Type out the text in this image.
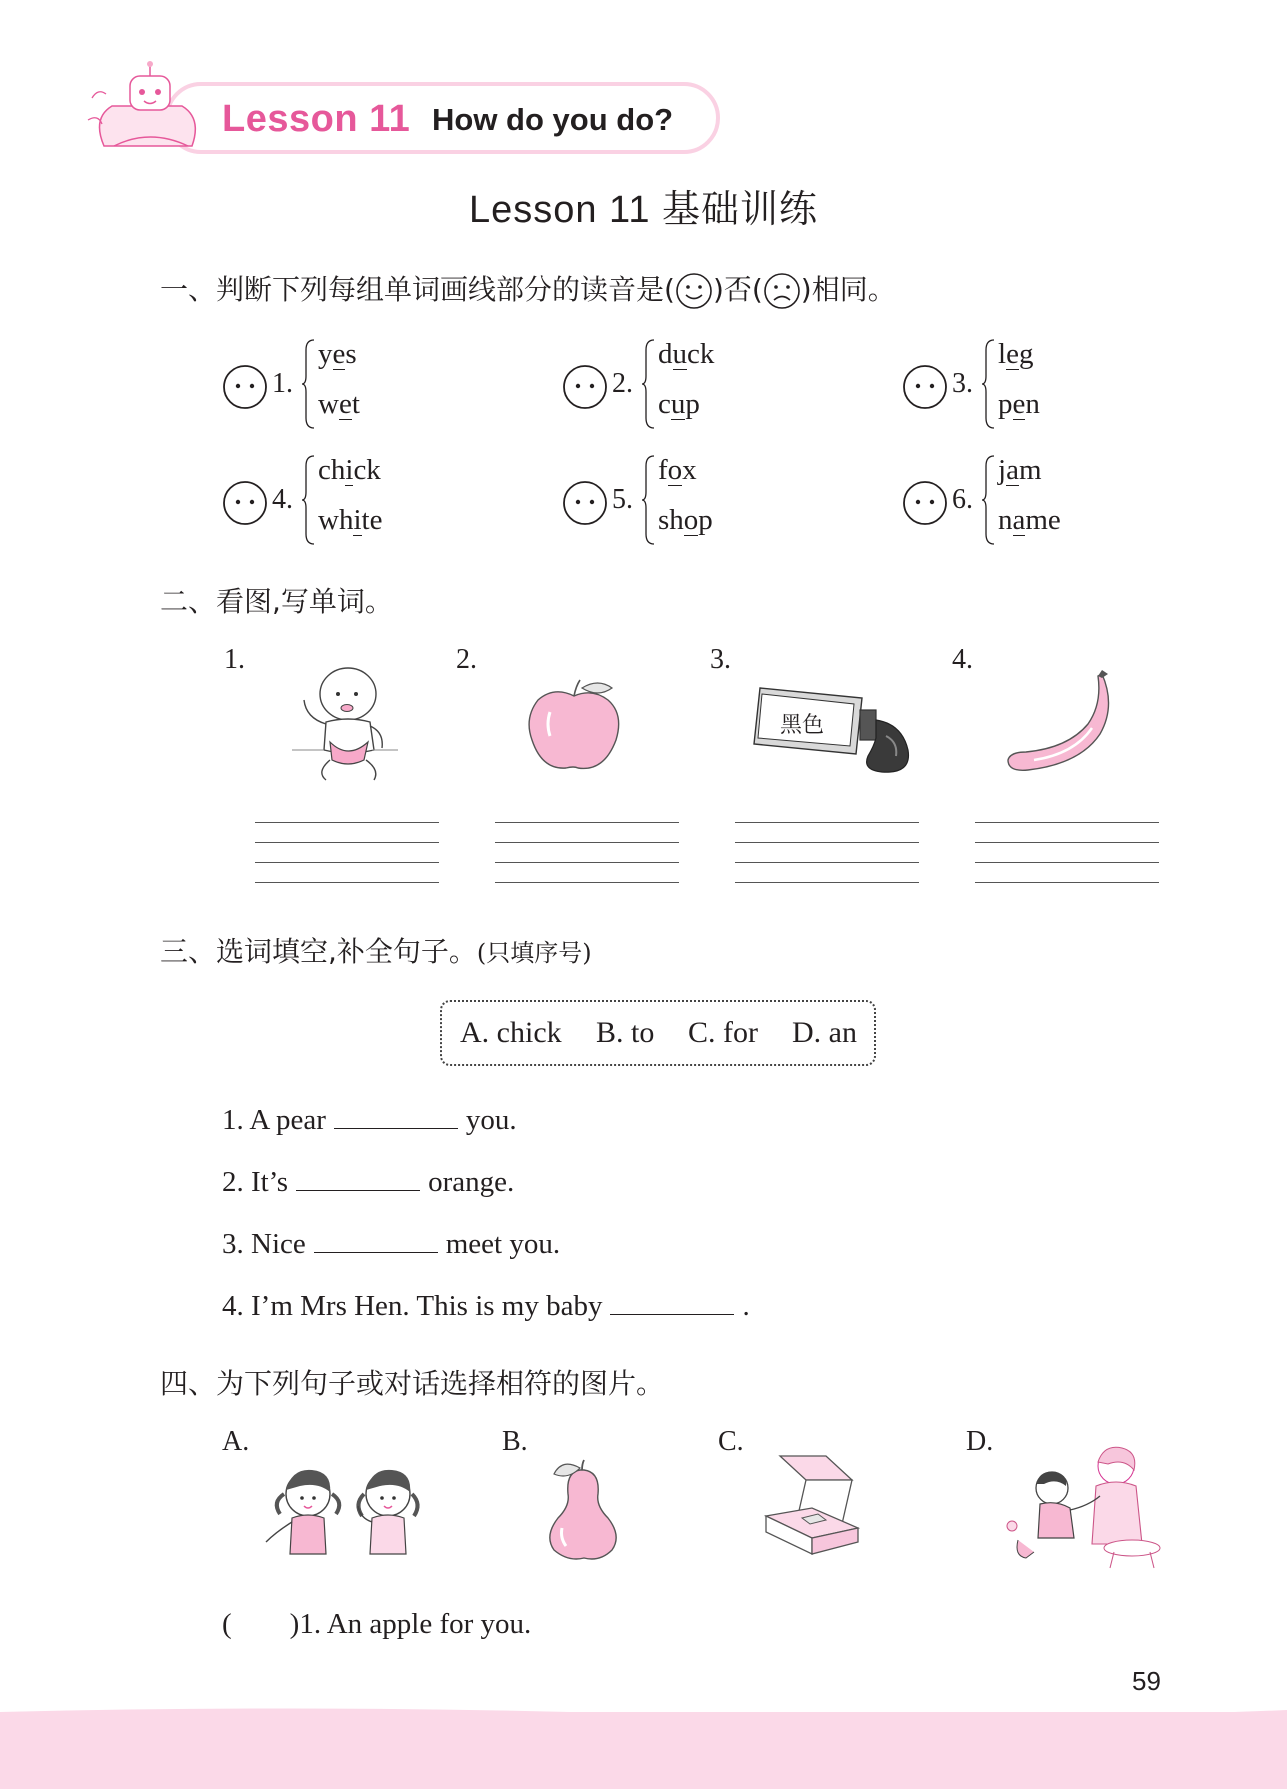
Lesson 11 How do you do?
Lesson 11 基础训练
一、判断下列每组单词画线部分的读音是( )否( )相同。
1.
yes
wet
2.
duck
cup
3.
leg
pen
4.
chick
white
5.
fox
shop
6.
jam
name
二、看图,写单词。
1.	2.	3.	4.
黑色
三、选词填空,补全句子。(只填序号)
A. chick B. to C. for D. an
1. A pear	you.
2. It’s	orange.
3. Nice	meet you.
4. I’m Mrs Hen. This is my baby	.
四、为下列句子或对话选择相符的图片。
A.	B.	C.	D.
(        )1. An apple for you.
59
